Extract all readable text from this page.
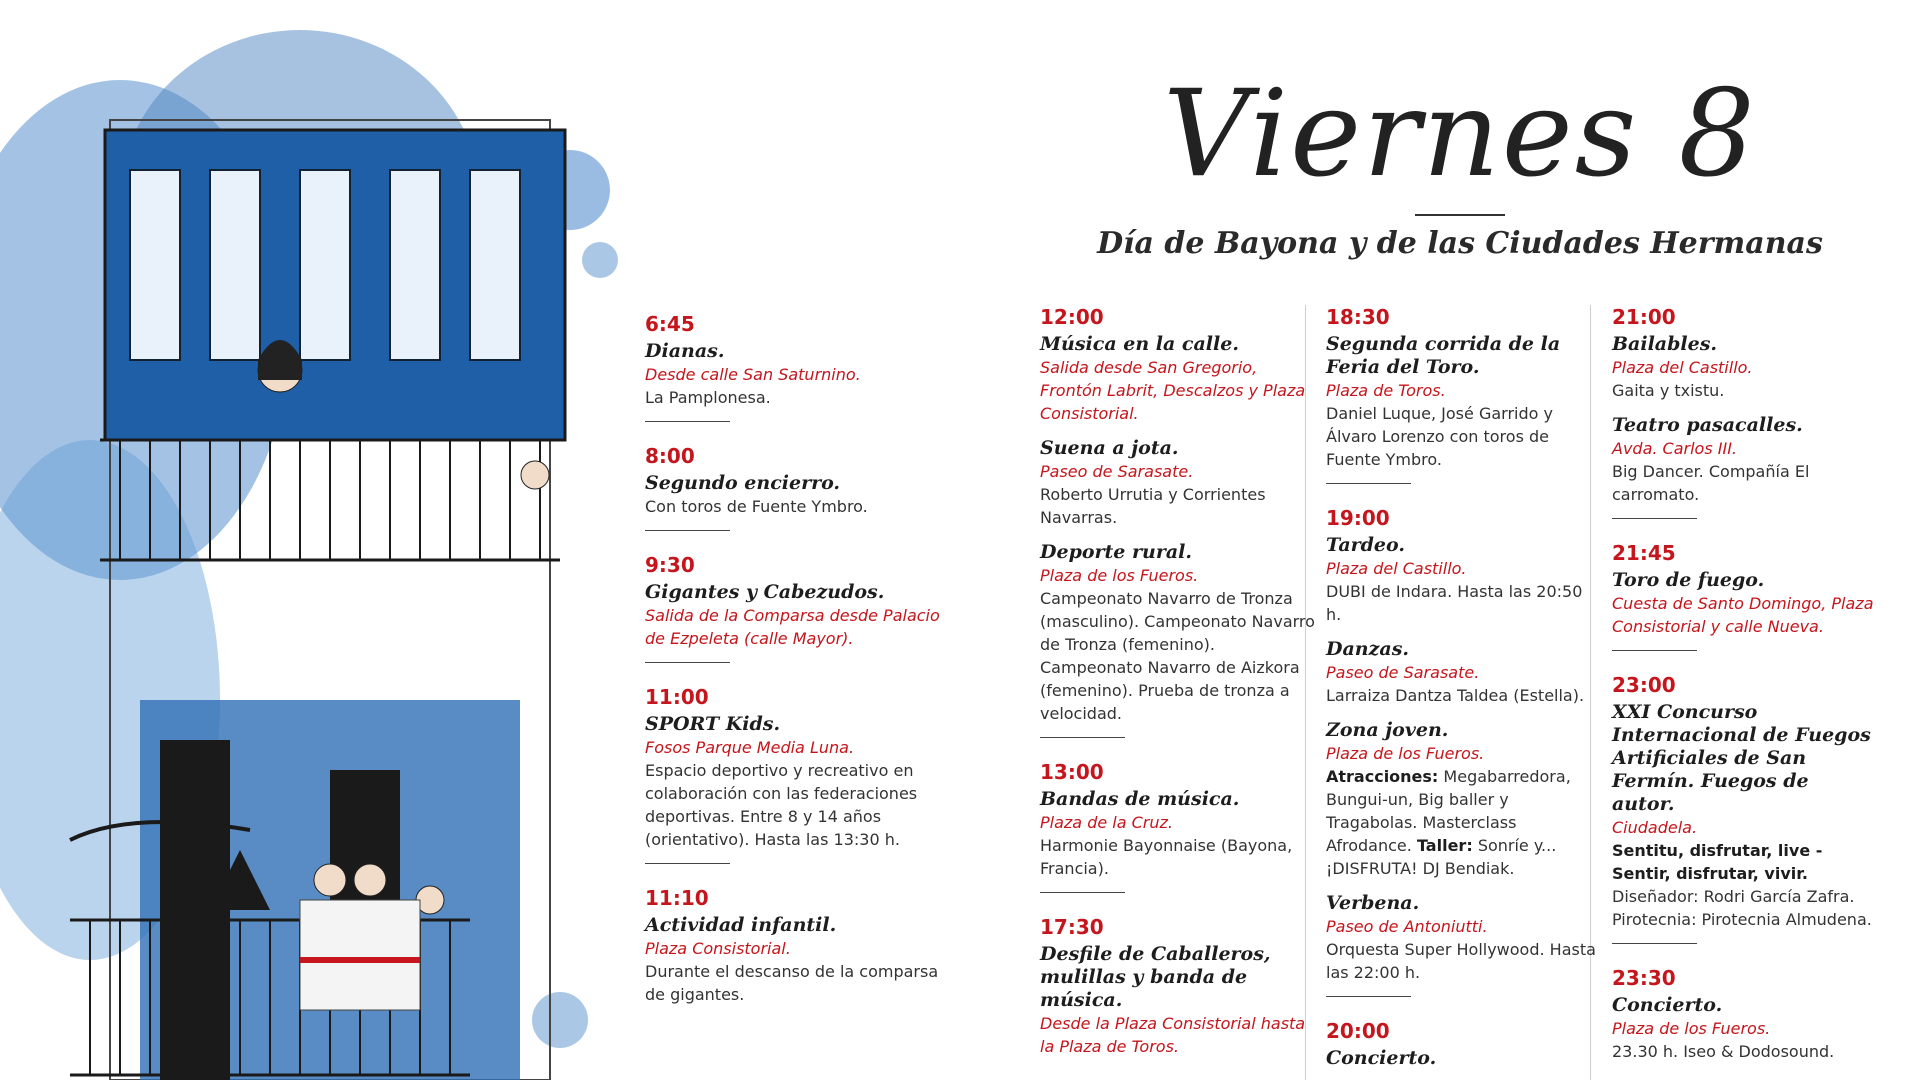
Viernes 8
Día de Bayona y de las Ciudades Hermanas
6:45
Dianas.
Desde calle San Saturnino.
La Pamplonesa.
8:00
Segundo encierro.
Con toros de Fuente Ymbro.
9:30
Gigantes y Cabezudos.
Salida de la Comparsa desde Palacio de Ezpeleta (calle Mayor).
11:00
SPORT Kids.
Fosos Parque Media Luna.
Espacio deportivo y recreativo en colaboración con las federaciones deportivas. Entre 8 y 14 años (orientativo). Hasta las 13:30 h.
11:10
Actividad infantil.
Plaza Consistorial.
Durante el descanso de la comparsa de gigantes.
12:00
Música en la calle.
Salida desde San Gregorio, Frontón Labrit, Descalzos y Plaza Consistorial.
Suena a jota.
Paseo de Sarasate.
Roberto Urrutia y Corrientes Navarras.
Deporte rural.
Plaza de los Fueros.
Campeonato Navarro de Tronza (masculino). Campeonato Navarro de Tronza (femenino). Campeonato Navarro de Aizkora (femenino). Prueba de tronza a velocidad.
13:00
Bandas de música.
Plaza de la Cruz.
Harmonie Bayonnaise (Bayona, Francia).
17:30
Desfile de Caballeros, mulillas y banda de música.
Desde la Plaza Consistorial hasta la Plaza de Toros.
18:30
Segunda corrida de la Feria del Toro.
Plaza de Toros.
Daniel Luque, José Garrido y Álvaro Lorenzo con toros de Fuente Ymbro.
19:00
Tardeo.
Plaza del Castillo.
DUBI de Indara. Hasta las 20:50 h.
Danzas.
Paseo de Sarasate.
Larraiza Dantza Taldea (Estella).
Zona joven.
Plaza de los Fueros.
Atracciones: Megabarredora, Bungui-un, Big baller y Tragabolas. Masterclass Afrodance. Taller: Sonríe y... ¡DISFRUTA! DJ Bendiak.
Verbena.
Paseo de Antoniutti.
Orquesta Super Hollywood. Hasta las 22:00 h.
20:00
Concierto.
21:00
Bailables.
Plaza del Castillo.
Gaita y txistu.
Teatro pasacalles.
Avda. Carlos III.
Big Dancer. Compañía El carromato.
21:45
Toro de fuego.
Cuesta de Santo Domingo, Plaza Consistorial y calle Nueva.
23:00
XXI Concurso Internacional de Fuegos Artificiales de San Fermín. Fuegos de autor.
Ciudadela.
Sentitu, disfrutar, live - Sentir, disfrutar, vivir. Diseñador: Rodri García Zafra. Pirotecnia: Pirotecnia Almudena.
23:30
Concierto.
Plaza de los Fueros.
23.30 h. Iseo & Dodosound.
